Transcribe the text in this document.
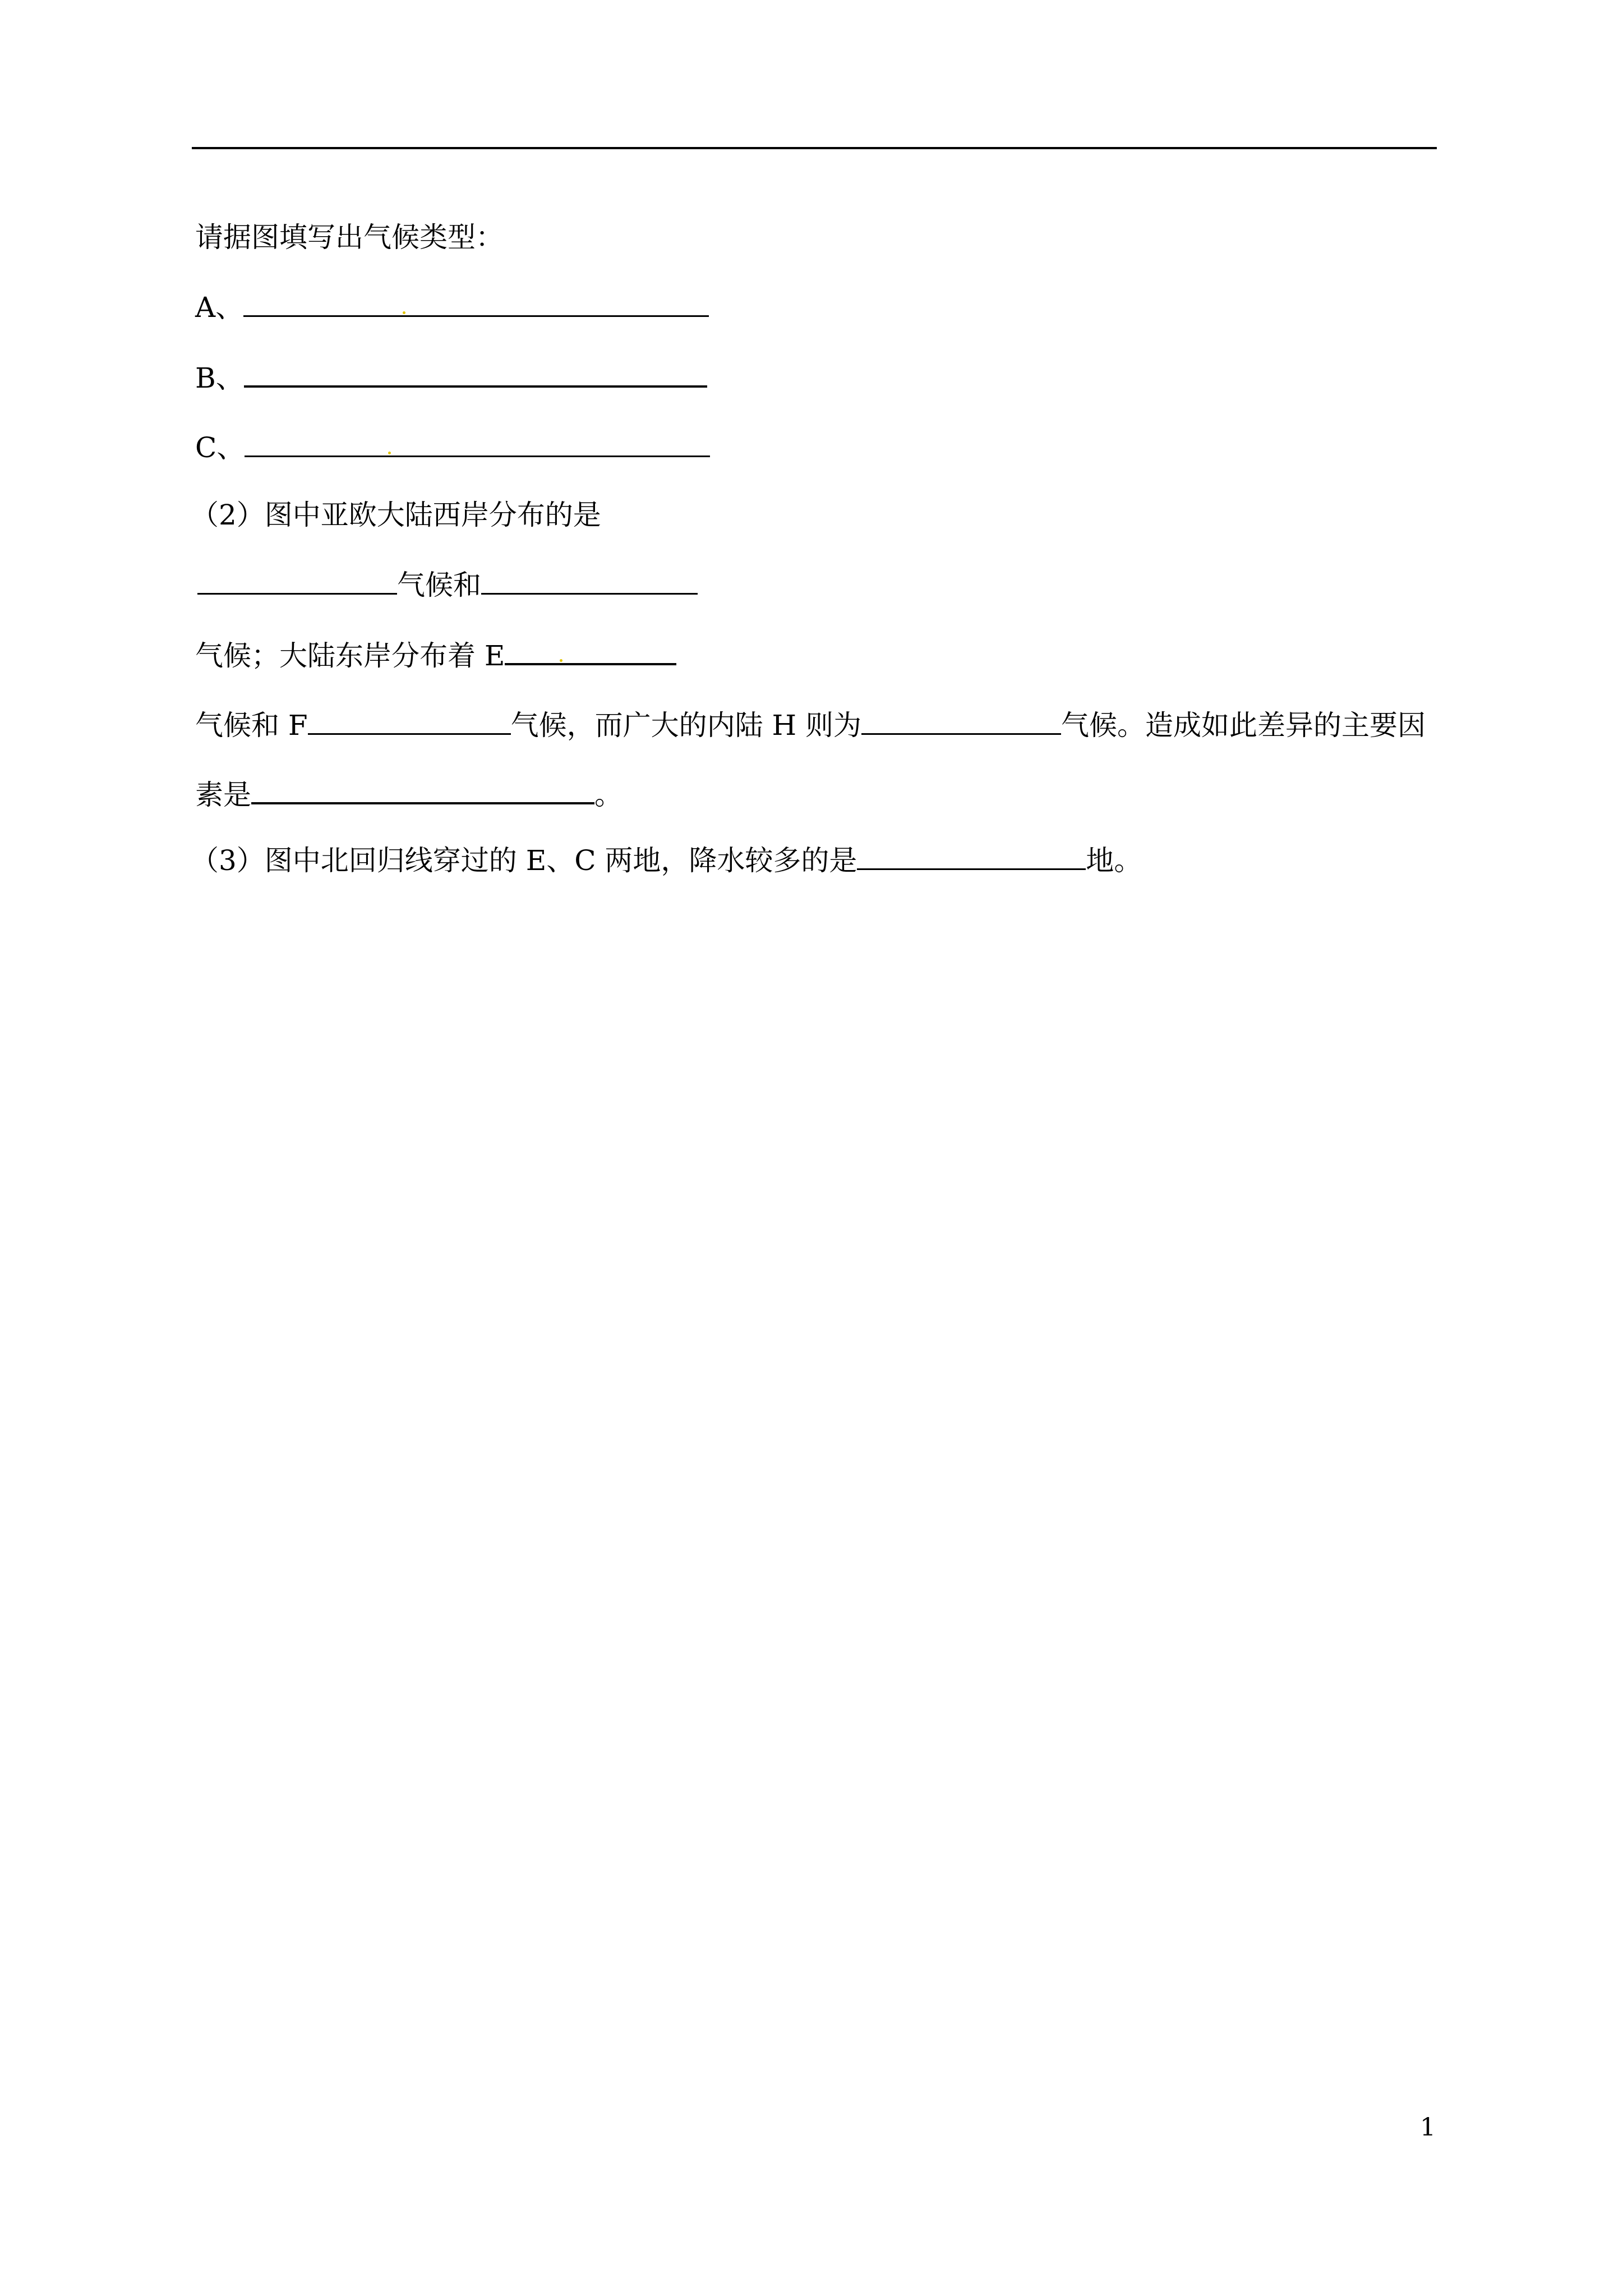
请据图填写出气候类型：
A、
B、
C、
（2）图中亚欧大陆西岸分布的是
气候和
气候；大陆东岸分布着 E
气候和 F	气候，而广大的内陆 H 则为	气候。造成如此差异的主要因
素是	。
（3）图中北回归线穿过的 E、C 两地，降水较多的是	地。
1
